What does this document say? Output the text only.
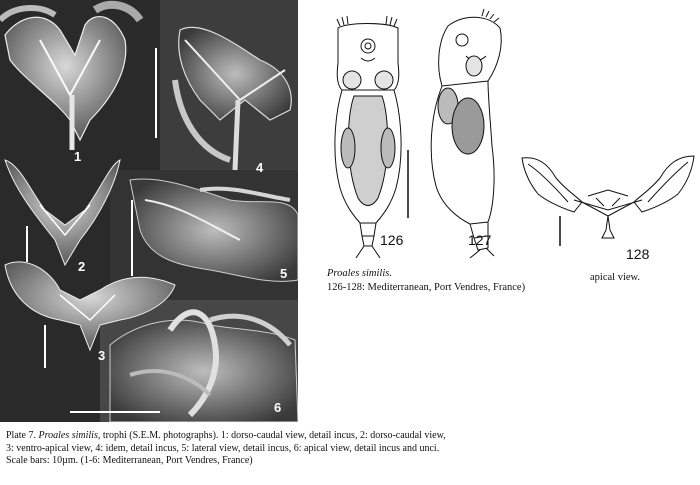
1
2
3
4
5
6
126	127
128
apical view.
Proales similis.
126-128: Mediterranean, Port Vendres, France)
Plate 7. Proales similis, trophi (S.E.M. photographs). 1: dorso-caudal view, detail incus, 2: dorso-caudal view, 3: ventro-apical view, 4: idem, detail incus, 5: lateral view, detail incus, 6: apical view, detail incus and unci. Scale bars: 10µm. (1-6: Mediterranean, Port Vendres, France)
